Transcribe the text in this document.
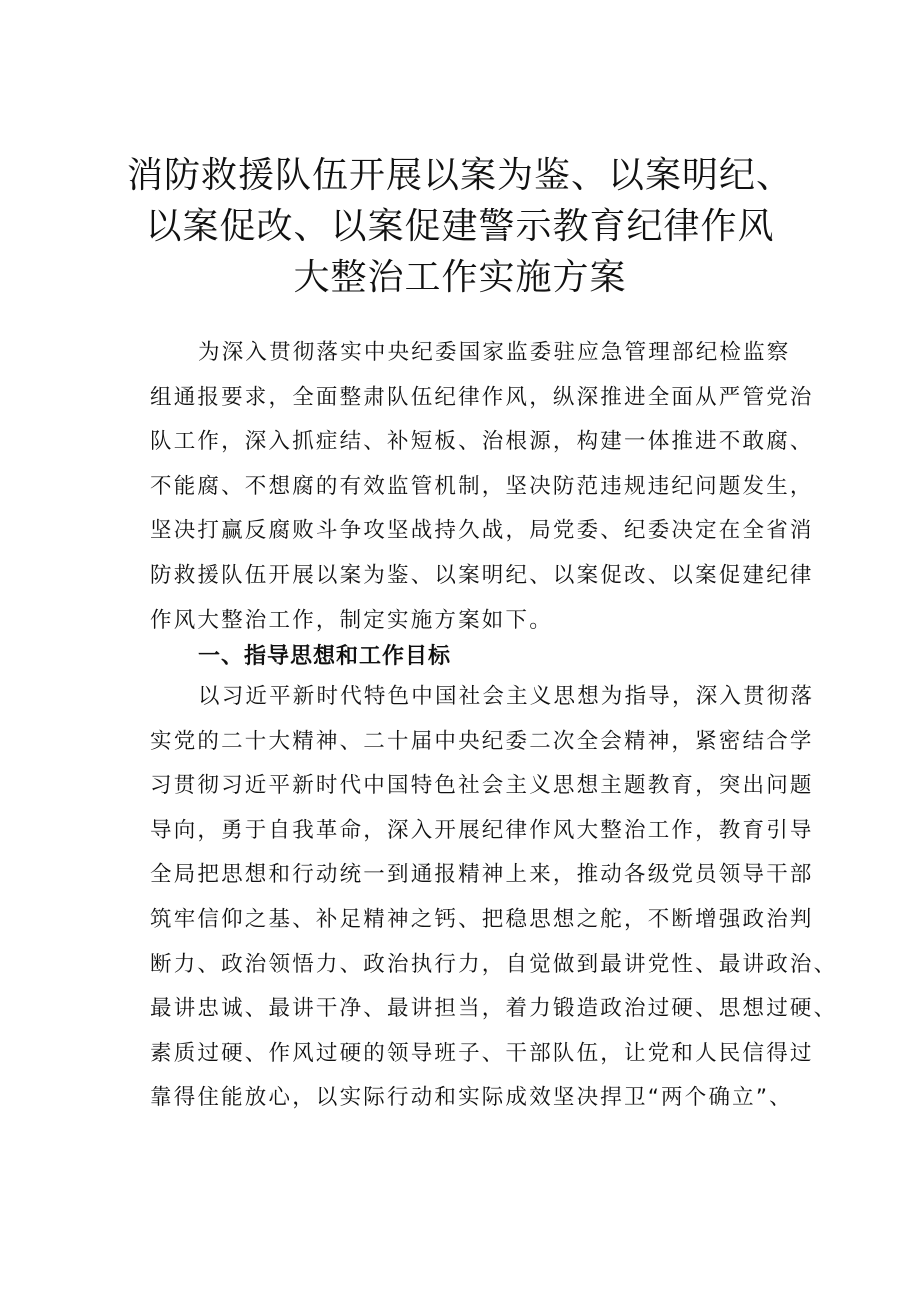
消防救援队伍开展以案为鉴、以案明纪、
以案促改、以案促建警示教育纪律作风
大整治工作实施方案
为深入贯彻落实中央纪委国家监委驻应急管理部纪检监察
组通报要求，全面整肃队伍纪律作风，纵深推进全面从严管党治
队工作，深入抓症结、补短板、治根源，构建一体推进不敢腐、
不能腐、不想腐的有效监管机制，坚决防范违规违纪问题发生，
坚决打赢反腐败斗争攻坚战持久战，局党委、纪委决定在全省消
防救援队伍开展以案为鉴、以案明纪、以案促改、以案促建纪律
作风大整治工作，制定实施方案如下。
一、指导思想和工作目标
以习近平新时代特色中国社会主义思想为指导，深入贯彻落
实党的二十大精神、二十届中央纪委二次全会精神，紧密结合学
习贯彻习近平新时代中国特色社会主义思想主题教育，突出问题
导向，勇于自我革命，深入开展纪律作风大整治工作，教育引导
全局把思想和行动统一到通报精神上来，推动各级党员领导干部
筑牢信仰之基、补足精神之钙、把稳思想之舵，不断增强政治判
断力、政治领悟力、政治执行力，自觉做到最讲党性、最讲政治、
最讲忠诚、最讲干净、最讲担当，着力锻造政治过硬、思想过硬、
素质过硬、作风过硬的领导班子、干部队伍，让党和人民信得过
靠得住能放心，以实际行动和实际成效坚决捍卫“两个确立”、
